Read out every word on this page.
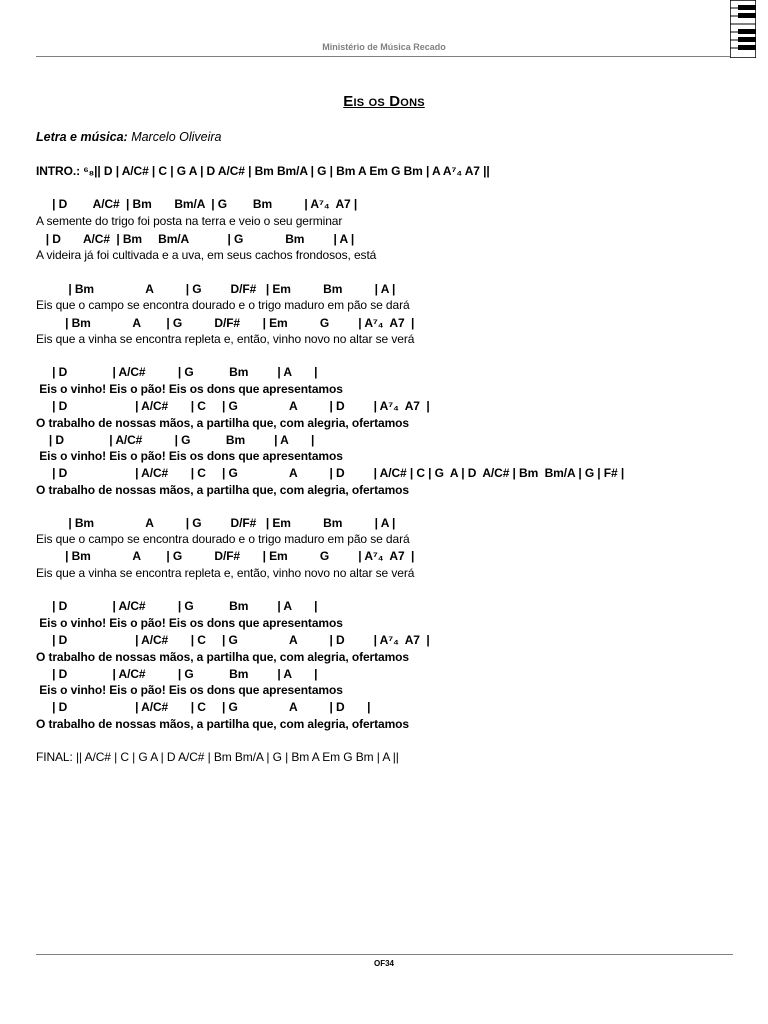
Ministério de Música Recado
Eis os Dons
Letra e música: Marcelo Oliveira
INTRO.: ⁶₈|| D | A/C# | C | G A | D A/C# | Bm Bm/A | G | Bm A Em G Bm | A A⁷₄ A7 ||
| D        A/C#  | Bm       Bm/A  | G        Bm          | A⁷₄  A7 |
A semente do trigo foi posta na terra e veio o seu germinar
| D       A/C#  | Bm     Bm/A            | G             Bm         | A |
A videira já foi cultivada e a uva, em seus cachos frondosos, está
| Bm                A          | G         D/F#   | Em          Bm          | A |
Eis que o campo se encontra dourado e o trigo maduro em pão se dará
| Bm             A        | G          D/F#       | Em          G         | A⁷₄  A7  |
Eis que a vinha se encontra repleta e, então, vinho novo no altar se verá
| D              | A/C#          | G           Bm         | A       |
Eis o vinho! Eis o pão! Eis os dons que apresentamos
| D                     | A/C#       | C     | G                A          | D         | A⁷₄  A7  |
O trabalho de nossas mãos, a partilha que, com alegria, ofertamos
| D              | A/C#          | G           Bm         | A       |
Eis o vinho! Eis o pão! Eis os dons que apresentamos
| D                     | A/C#       | C     | G                A          | D         | A/C# | C | G  A | D  A/C# | Bm  Bm/A | G | F# |
O trabalho de nossas mãos, a partilha que, com alegria, ofertamos
| Bm                A          | G         D/F#   | Em          Bm          | A |
Eis que o campo se encontra dourado e o trigo maduro em pão se dará
| Bm             A        | G          D/F#       | Em          G         | A⁷₄  A7  |
Eis que a vinha se encontra repleta e, então, vinho novo no altar se verá
| D              | A/C#          | G           Bm         | A       |
Eis o vinho! Eis o pão! Eis os dons que apresentamos
| D                     | A/C#       | C     | G                A          | D         | A⁷₄  A7  |
O trabalho de nossas mãos, a partilha que, com alegria, ofertamos
| D              | A/C#          | G           Bm         | A       |
Eis o vinho! Eis o pão! Eis os dons que apresentamos
| D                     | A/C#       | C     | G                A          | D       |
O trabalho de nossas mãos, a partilha que, com alegria, ofertamos
FINAL: || A/C# | C | G A | D A/C# | Bm Bm/A | G | Bm A Em G Bm | A ||
OF34
